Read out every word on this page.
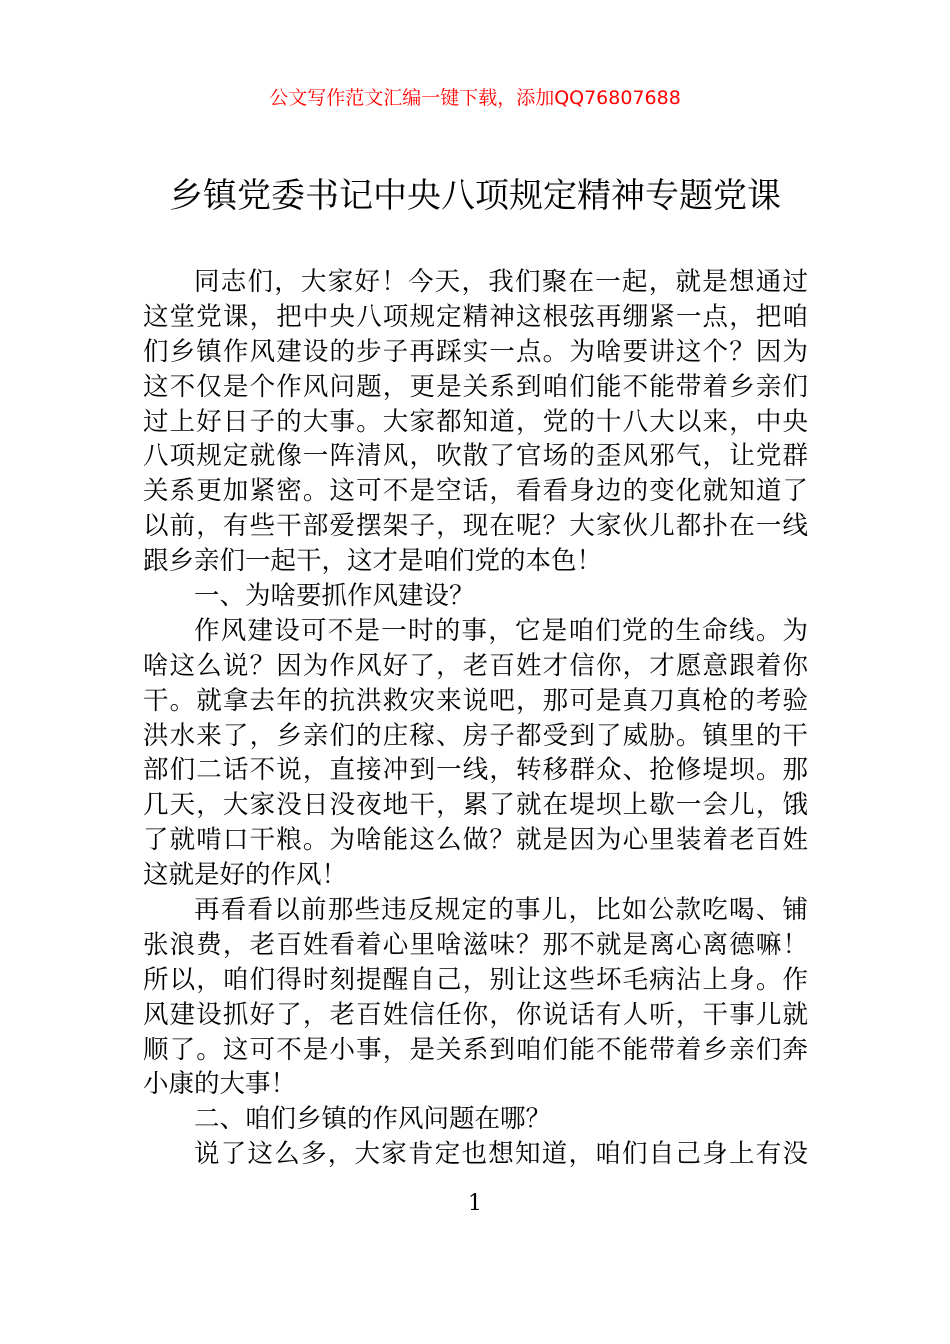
公文写作范文汇编一键下载，添加QQ76807688
乡镇党委书记中央八项规定精神专题党课
同志们，大家好！今天，我们聚在一起，就是想通过
这堂党课，把中央八项规定精神这根弦再绷紧一点，把咱
们乡镇作风建设的步子再踩实一点。为啥要讲这个？因为
这不仅是个作风问题，更是关系到咱们能不能带着乡亲们
过上好日子的大事。大家都知道，党的十八大以来，中央
八项规定就像一阵清风，吹散了官场的歪风邪气，让党群
关系更加紧密。这可不是空话，看看身边的变化就知道了
以前，有些干部爱摆架子，现在呢？大家伙儿都扑在一线
跟乡亲们一起干，这才是咱们党的本色！
一、为啥要抓作风建设？
作风建设可不是一时的事，它是咱们党的生命线。为
啥这么说？因为作风好了，老百姓才信你，才愿意跟着你
干。就拿去年的抗洪救灾来说吧，那可是真刀真枪的考验
洪水来了，乡亲们的庄稼、房子都受到了威胁。镇里的干
部们二话不说，直接冲到一线，转移群众、抢修堤坝。那
几天，大家没日没夜地干，累了就在堤坝上歇一会儿，饿
了就啃口干粮。为啥能这么做？就是因为心里装着老百姓
这就是好的作风！
再看看以前那些违反规定的事儿，比如公款吃喝、铺
张浪费，老百姓看着心里啥滋味？那不就是离心离德嘛！
所以，咱们得时刻提醒自己，别让这些坏毛病沾上身。作
风建设抓好了，老百姓信任你，你说话有人听，干事儿就
顺了。这可不是小事，是关系到咱们能不能带着乡亲们奔
小康的大事！
二、咱们乡镇的作风问题在哪？
说了这么多，大家肯定也想知道，咱们自己身上有没
1
